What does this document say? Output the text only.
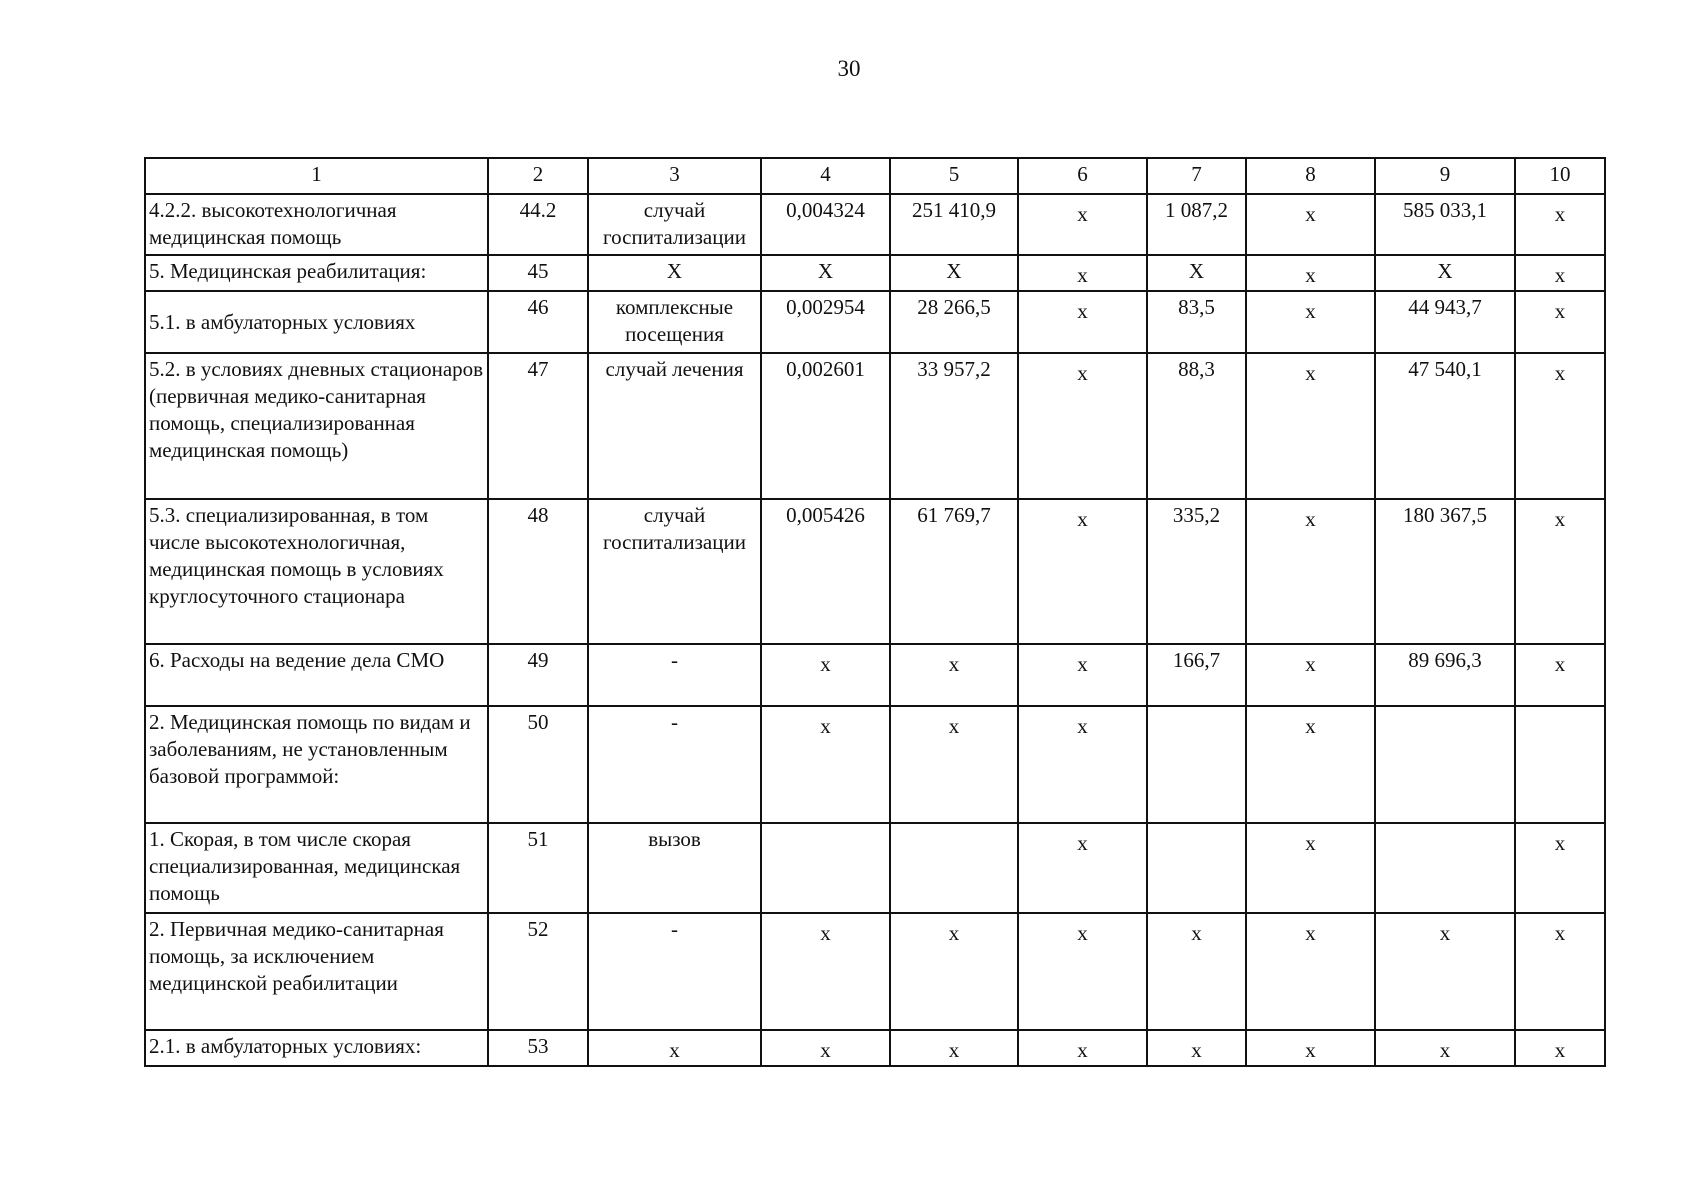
30
1	2	3	4	5	6	7	8	9	10
4.2.2. высокотехнологичная медицинская помощь	44.2	случай госпитализации	0,004324	251 410,9	х	1 087,2	х	585 033,1	х
5. Медицинская реабилитация:	45	Х	Х	Х	х	Х	х	Х	х
5.1. в амбулаторных условиях	46	комплексные посещения	0,002954	28 266,5	х	83,5	х	44 943,7	х
5.2. в условиях дневных стационаров (первичная медико-санитарная помощь, специализированная медицинская помощь)	47	случай лечения	0,002601	33 957,2	х	88,3	х	47 540,1	х
5.3. специализированная, в том числе высокотехнологичная, медицинская помощь в условиях круглосуточного стационара	48	случай госпитализации	0,005426	61 769,7	х	335,2	х	180 367,5	х
6. Расходы на ведение дела СМО	49	-	х	х	х	166,7	х	89 696,3	х
2. Медицинская помощь по видам и заболеваниям, не установленным базовой программой:	50	-	х	х	х		х		
1. Скорая, в том числе скорая специализированная, медицинская помощь	51	вызов			х		х		х
2. Первичная медико-санитарная помощь, за исключением медицинской реабилитации	52	-	х	х	х	х	х	х	х
2.1. в амбулаторных условиях:	53	х	х	х	х	х	х	х	х
